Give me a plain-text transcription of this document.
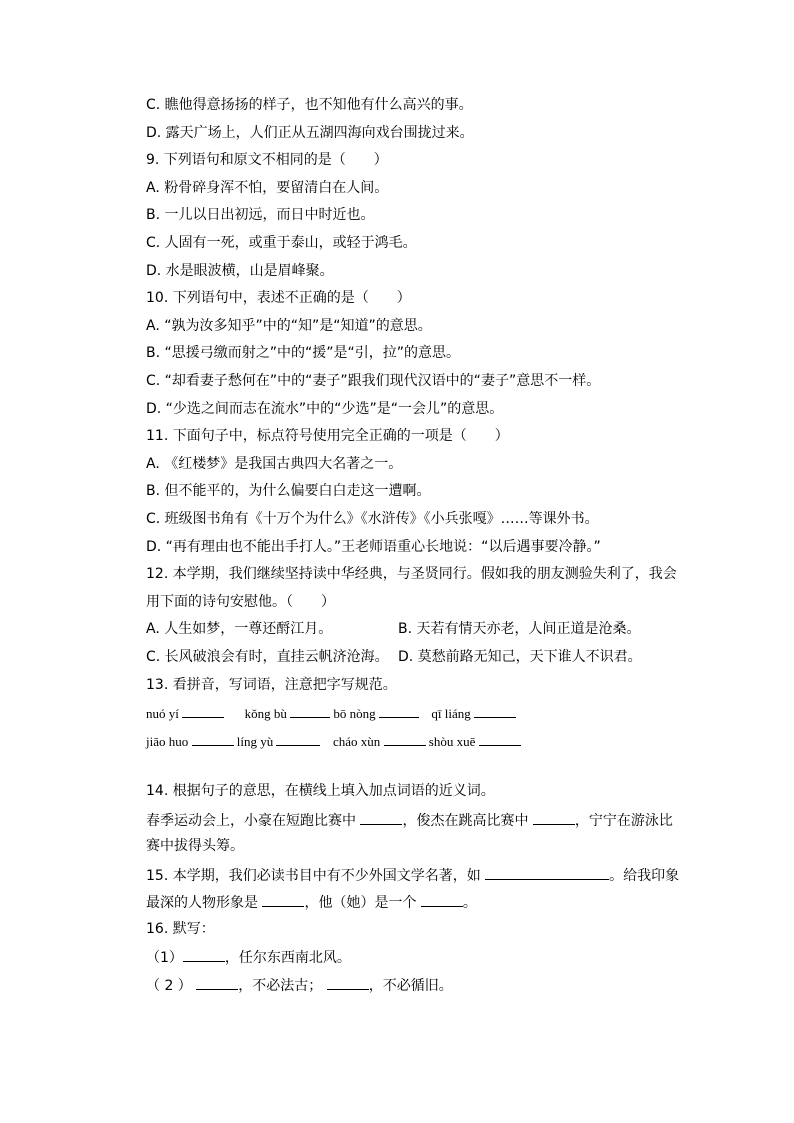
C. 瞧他得意扬扬的样子，也不知他有什么高兴的事。
D. 露天广场上，人们正从五湖四海向戏台围拢过来。
9. 下列语句和原文不相同的是（　　）
A. 粉骨碎身浑不怕，要留清白在人间。
B. 一儿以日出初远，而日中时近也。
C. 人固有一死，或重于泰山，或轻于鸿毛。
D. 水是眼波横，山是眉峰聚。
10. 下列语句中，表述不正确的是（　　）
A. “孰为汝多知乎”中的“知”是“知道”的意思。
B. “思援弓缴而射之”中的“援”是“引，拉”的意思。
C. “却看妻子愁何在”中的“妻子”跟我们现代汉语中的“妻子”意思不一样。
D. “少选之间而志在流水”中的“少选”是“一会儿”的意思。
11. 下面句子中，标点符号使用完全正确的一项是（　　）
A. 《红楼梦》是我国古典四大名著之一。
B. 但不能平的，为什么偏要白白走这一遭啊。
C. 班级图书角有《十万个为什么》《水浒传》《小兵张嘎》……等课外书。
D. “再有理由也不能出手打人。”王老师语重心长地说：“以后遇事要冷静。”
12. 本学期，我们继续坚持读中华经典，与圣贤同行。假如我的朋友测验失利了，我会
用下面的诗句安慰他。（　　）
A. 人生如梦，一尊还酹江月。	B. 天若有情天亦老，人间正道是沧桑。
C. 长风破浪会有时，直挂云帆济沧海。 D. 莫愁前路无知己，天下谁人不识君。
13. 看拼音，写词语，注意把字写规范。
nuó yí	kǒng bù	bō nòng	qī liáng
jiāo huo	líng yù	cháo xùn	shòu xuē
14. 根据句子的意思，在横线上填入加点词语的近义词。
春季运动会上，小豪在短跑比赛中	，俊杰在跳高比赛中	，宁宁在游泳比
赛中拔得头筹。
15. 本学期，我们必读书目中有不少外国文学名著，如	。给我印象
最深的人物形象是	，他（她）是一个	。
16. 默写：
（1）	，任尔东西南北风。
（ 2 ）	，不必法古；	，不必循旧。
